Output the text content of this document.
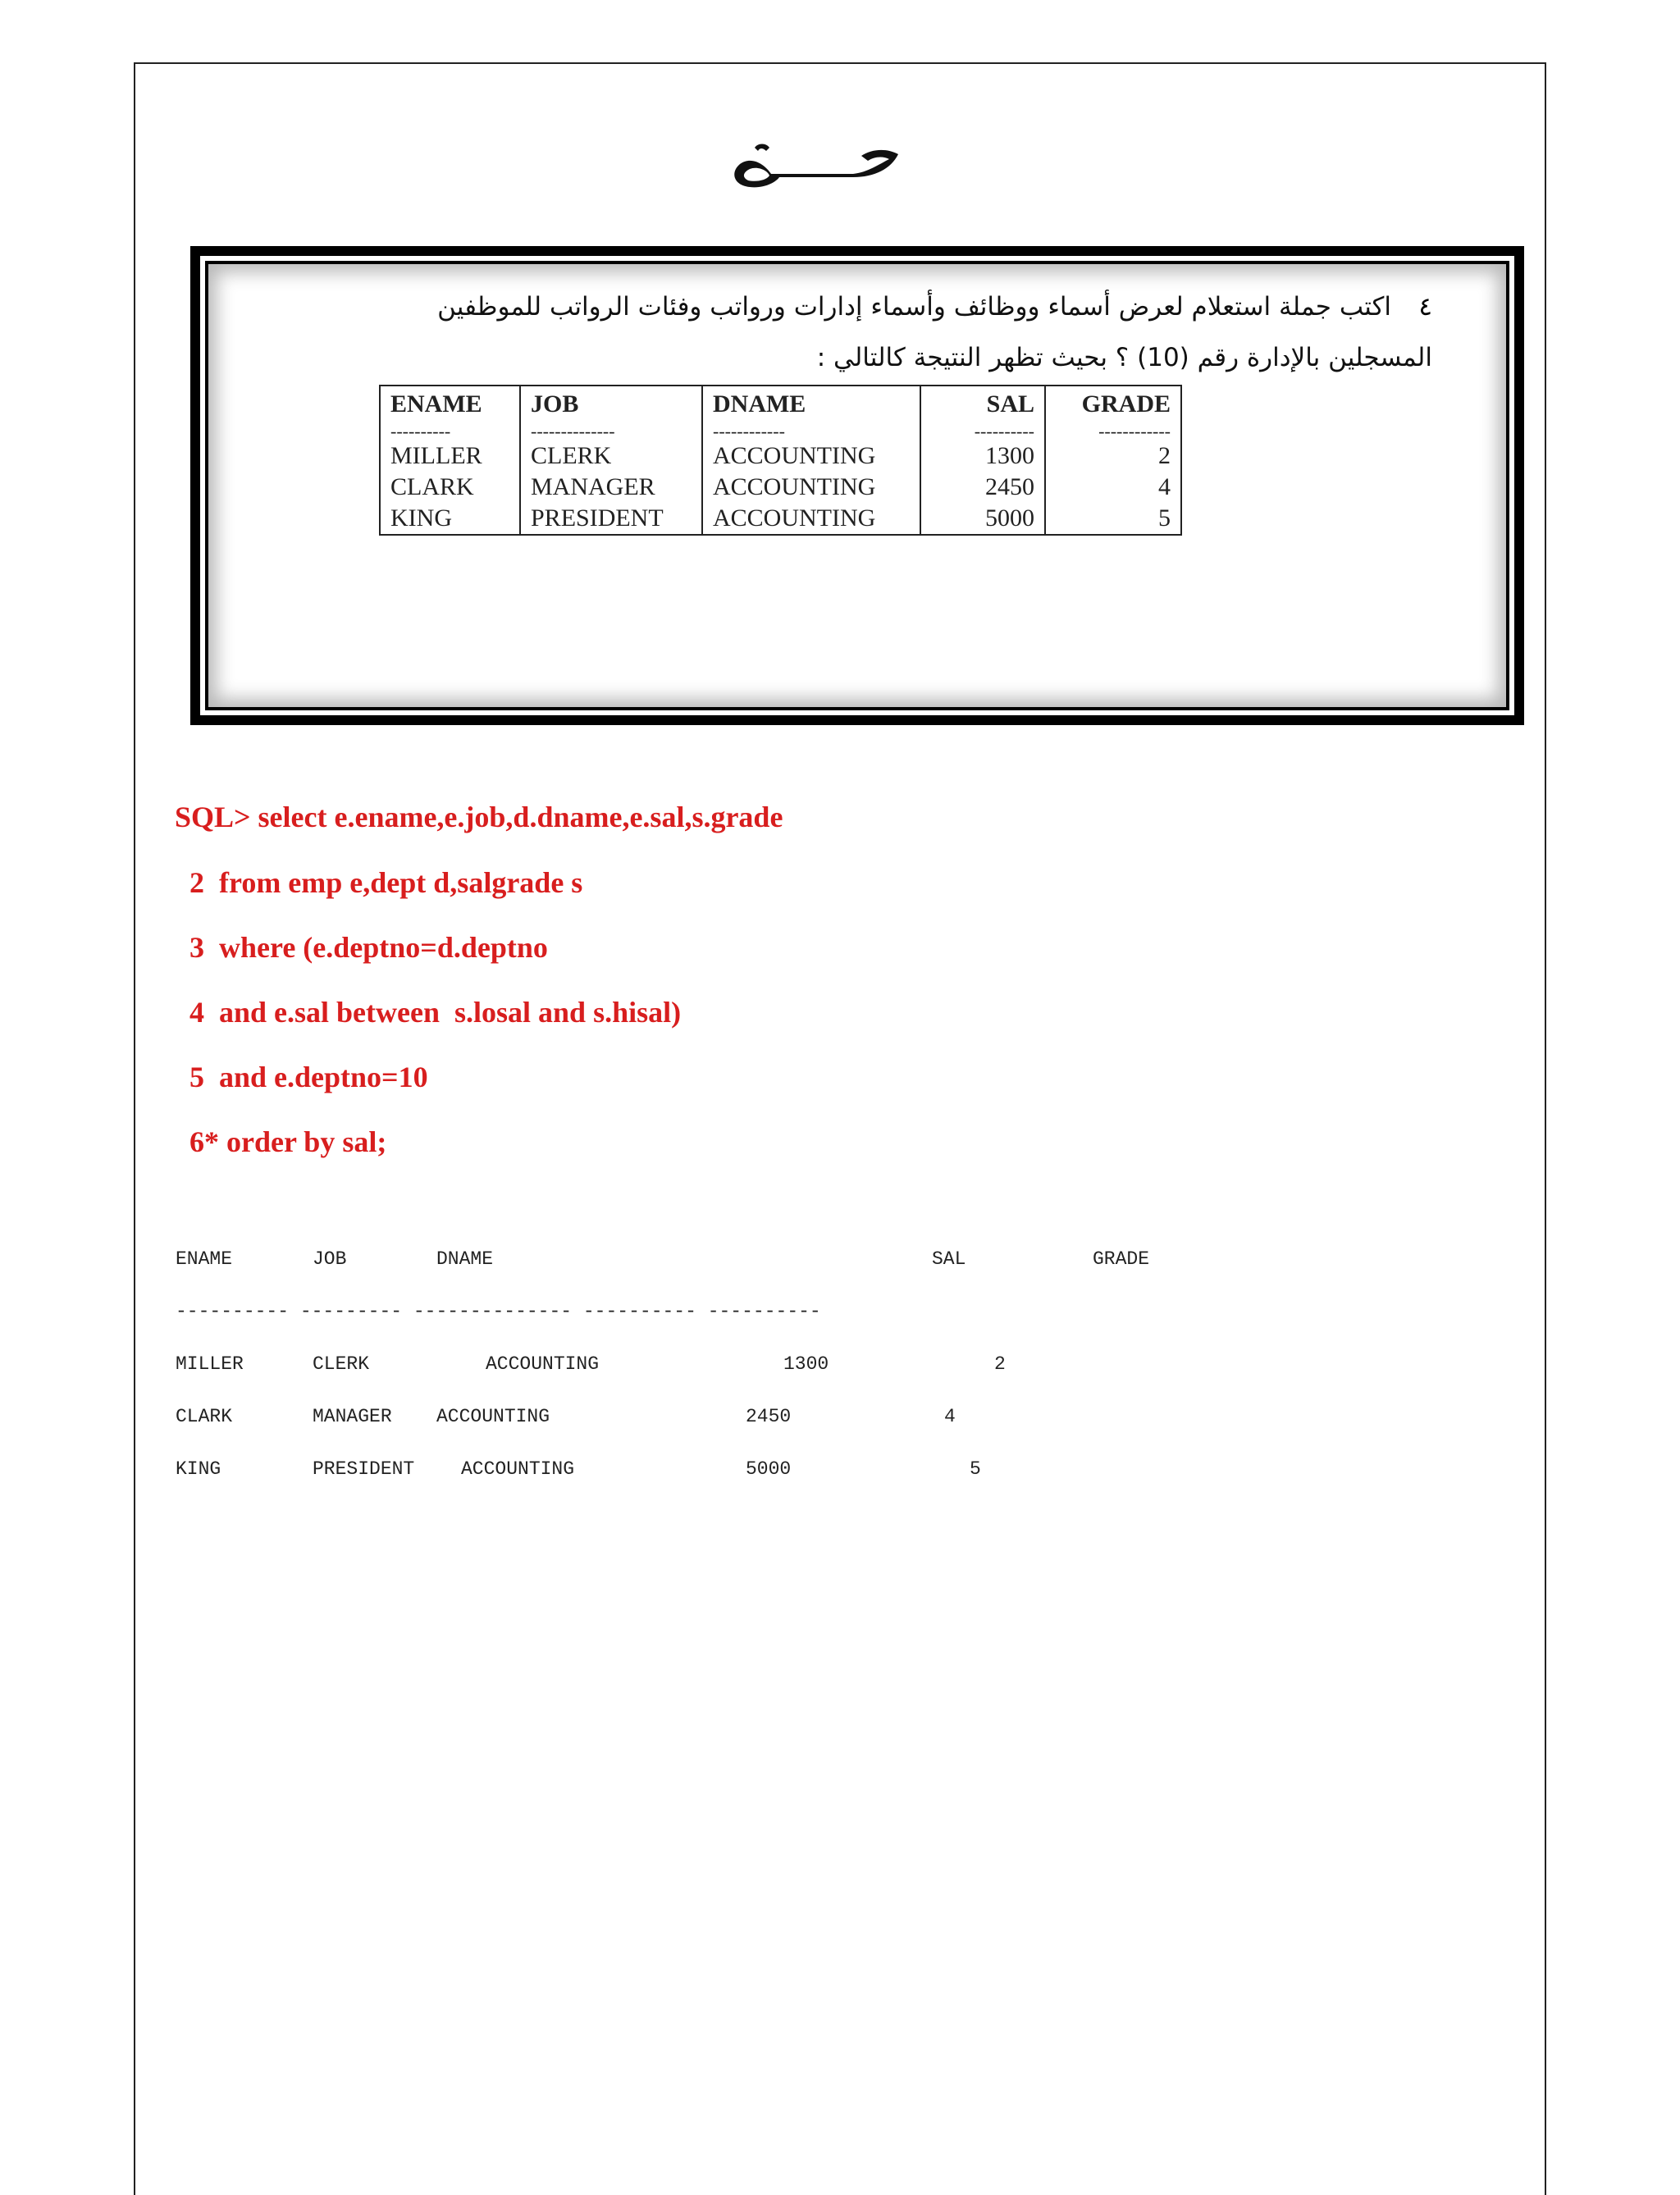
٤
اكتب جملة استعلام لعرض أسماء ووظائف وأسماء إدارات ورواتب وفئات الرواتب للموظفين
المسجلين بالإدارة رقم (10) ؟ بحيث تظهر النتيجة كالتالي :
ENAME	JOB	DNAME	SAL	GRADE
----------	--------------	------------	----------	------------
MILLER	CLERK	ACCOUNTING	1300	2
CLARK	MANAGER	ACCOUNTING	2450	4
KING	PRESIDENT	ACCOUNTING	5000	5
SQL> select e.ename,e.job,d.dname,e.sal,s.grade
2  from emp e,dept d,salgrade s
3  where (e.deptno=d.deptno
4  and e.sal between  s.losal and s.hisal)
5  and e.deptno=10
6* order by sal;
ENAME	JOB	DNAME	SAL	GRADE
---------- --------- -------------- ---------- ----------
MILLER	CLERK	ACCOUNTING	1300	2
CLARK	MANAGER ACCOUNTING	2450	4
KING	PRESIDENT ACCOUNTING	5000	5
